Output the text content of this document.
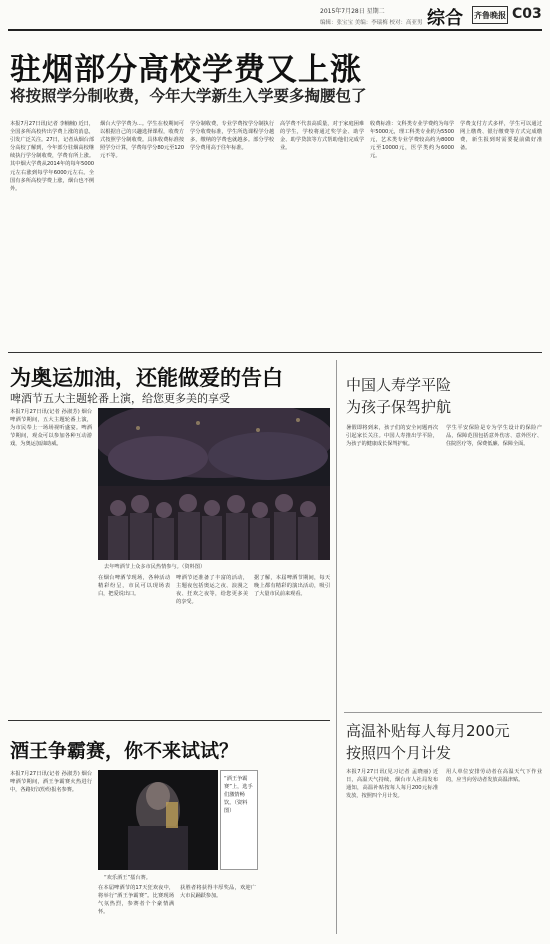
2015年7月28日 星期二
编辑：张宝宝 美编：李瑞梅 校对：高亚男 综合 齐鲁晚报 C03
驻烟部分高校学费又上涨
将按照学分制收费，今年大学新生入学要多掏腰包了
本报7月27日讯(记者 李楠楠) 近日，全国多所高校传出学费上涨的消息，引发广泛关注。27日，记者从烟台部分高校了解到，今年部分驻烟高校继续执行学分制收费，学费有所上涨。其中烟大学费从2014年的每年5000元左右涨到每学年6000元左右。全国有多所高校学费上涨，烟台也不例外。
烟台大学学费为...。学生在校期间可以根据自己的兴趣选择课程，收费方式按照学分制收费。具体收费标准按照学分计算，学费每学分80元至120元不等。
学分制收费，专业学费按学分制执行学分收费标准，学生所选课程学分越多，缴纳的学费也就越多。部分学校学分费用高于往年标准。
高学费不代表高质量，对于家庭困难的学生，学校将通过奖学金、助学金、助学贷款等方式帮助他们完成学业。
收费标准：文科类专业学费约为每学年5000元，理工科类专业约为5500元，艺术类专业学费较高约为8000元至10000元，医学类约为6000元。
学费支付方式多样，学生可以通过网上缴费、银行缴费等方式完成缴费，新生报到时需要提前做好准备。
为奥运加油，还能做爱的告白
啤酒节五大主题轮番上演，给您更多美的享受
本报7月27日讯(记者 孙淑芳) 烟台啤酒节期间，五大主题轮番上演，为市民奉上一场场视听盛宴。啤酒节期间，观众可以参加各种互动游戏，为奥运加油助威。
去年啤酒节上众多市民热情参与。（资料图）
在烟台啤酒节现场，各种活动精彩纷呈，市民可以现场表白，把爱说出口。
啤酒节还准备了丰富的活动，主题夜包括奥运之夜、浪漫之夜、狂欢之夜等，给您更多美的享受。
据了解，本届啤酒节期间，每天晚上都有精彩的演出活动，吸引了大量市民前来观看。
中国人寿学平险
为孩子保驾护航
暑假即将到来，孩子们的安全问题再次引起家长关注。中国人寿推出学平险，为孩子的健康成长保驾护航。
学生平安保险是专为学生设计的保险产品，保障范围包括意外伤害、意外医疗、住院医疗等，保费低廉、保障全面。
高温补贴每人每月200元
按照四个月计发
本报7月27日讯(见习记者 孟晓丽) 近日，高温天气持续，烟台市人社局发布通知，高温补贴按每人每月200元标准发放，按照四个月计发。
用人单位安排劳动者在高温天气下作业的，应当向劳动者发放高温津贴。
酒王争霸赛，你不来试试？
本报7月27日讯(记者 孙淑芳) 烟台啤酒节期间，酒王争霸赛火热进行中，各路好汉纷纷报名参赛。
“酒王争霸赛”上，选手们激情畅饮。（资料图）
“欢乐酒王”擂台赛。
在本届啤酒节的17天狂欢夜中，将举行“酒王争霸赛”。比赛现场气氛热烈，参赛者个个豪情满怀。
获胜者将获得丰厚奖品，欢迎广大市民踊跃参加。
